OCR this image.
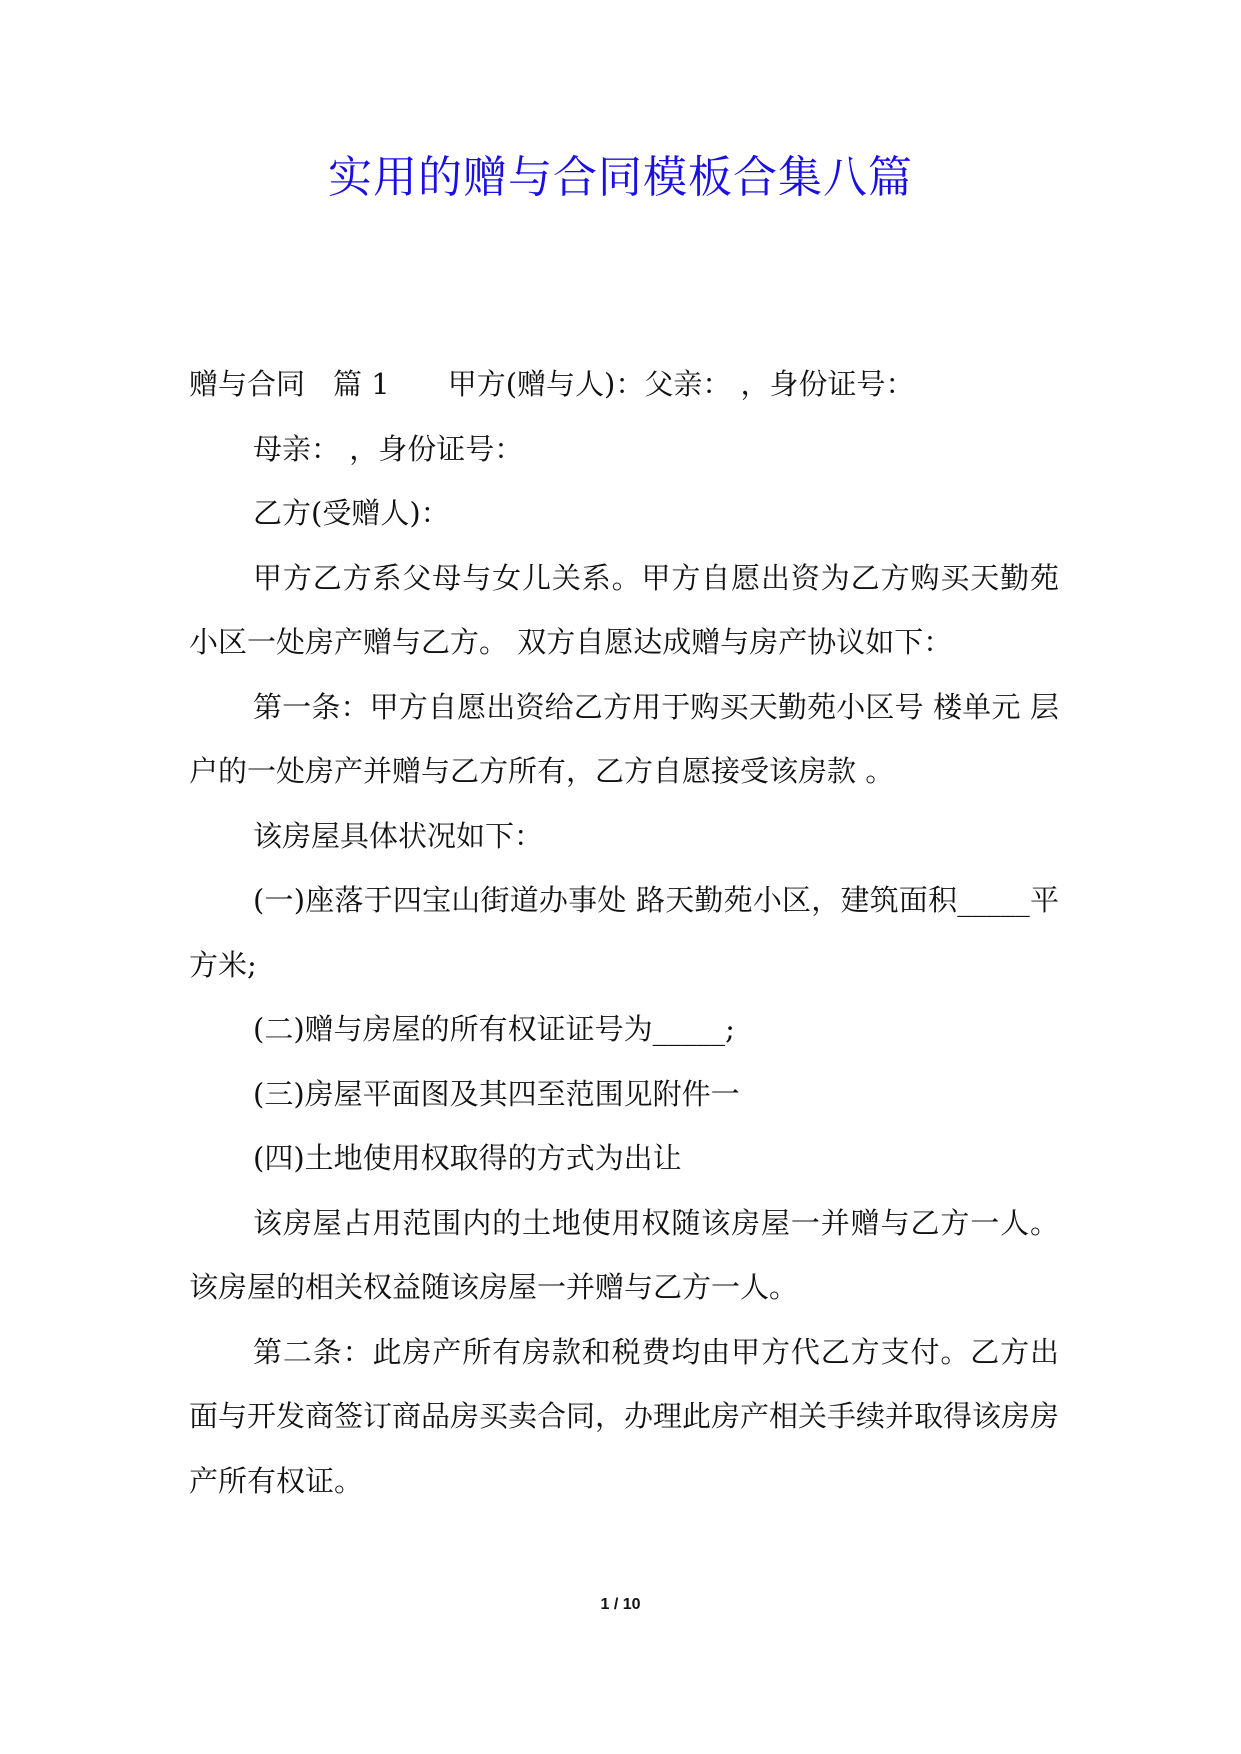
实用的赠与合同模板合集八篇

赠与合同 篇 1 甲方(赠与人)：父亲： ，身份证号：

母亲： ，身份证号：

乙方(受赠人)：

甲方乙方系父母与女儿关系。甲方自愿出资为乙方购买天勤苑小区一处房产赠与乙方。 双方自愿达成赠与房产协议如下：

第一条：甲方自愿出资给乙方用于购买天勤苑小区号 楼单元 层 户的一处房产并赠与乙方所有，乙方自愿接受该房款 。

该房屋具体状况如下：

(一)座落于四宝山街道办事处 路天勤苑小区，建筑面积_____平方米;

(二)赠与房屋的所有权证证号为_____;

(三)房屋平面图及其四至范围见附件一

(四)土地使用权取得的方式为出让

该房屋占用范围内的土地使用权随该房屋一并赠与乙方一人。该房屋的相关权益随该房屋一并赠与乙方一人。

第二条：此房产所有房款和税费均由甲方代乙方支付。乙方出面与开发商签订商品房买卖合同，办理此房产相关手续并取得该房房产所有权证。

1 / 10
